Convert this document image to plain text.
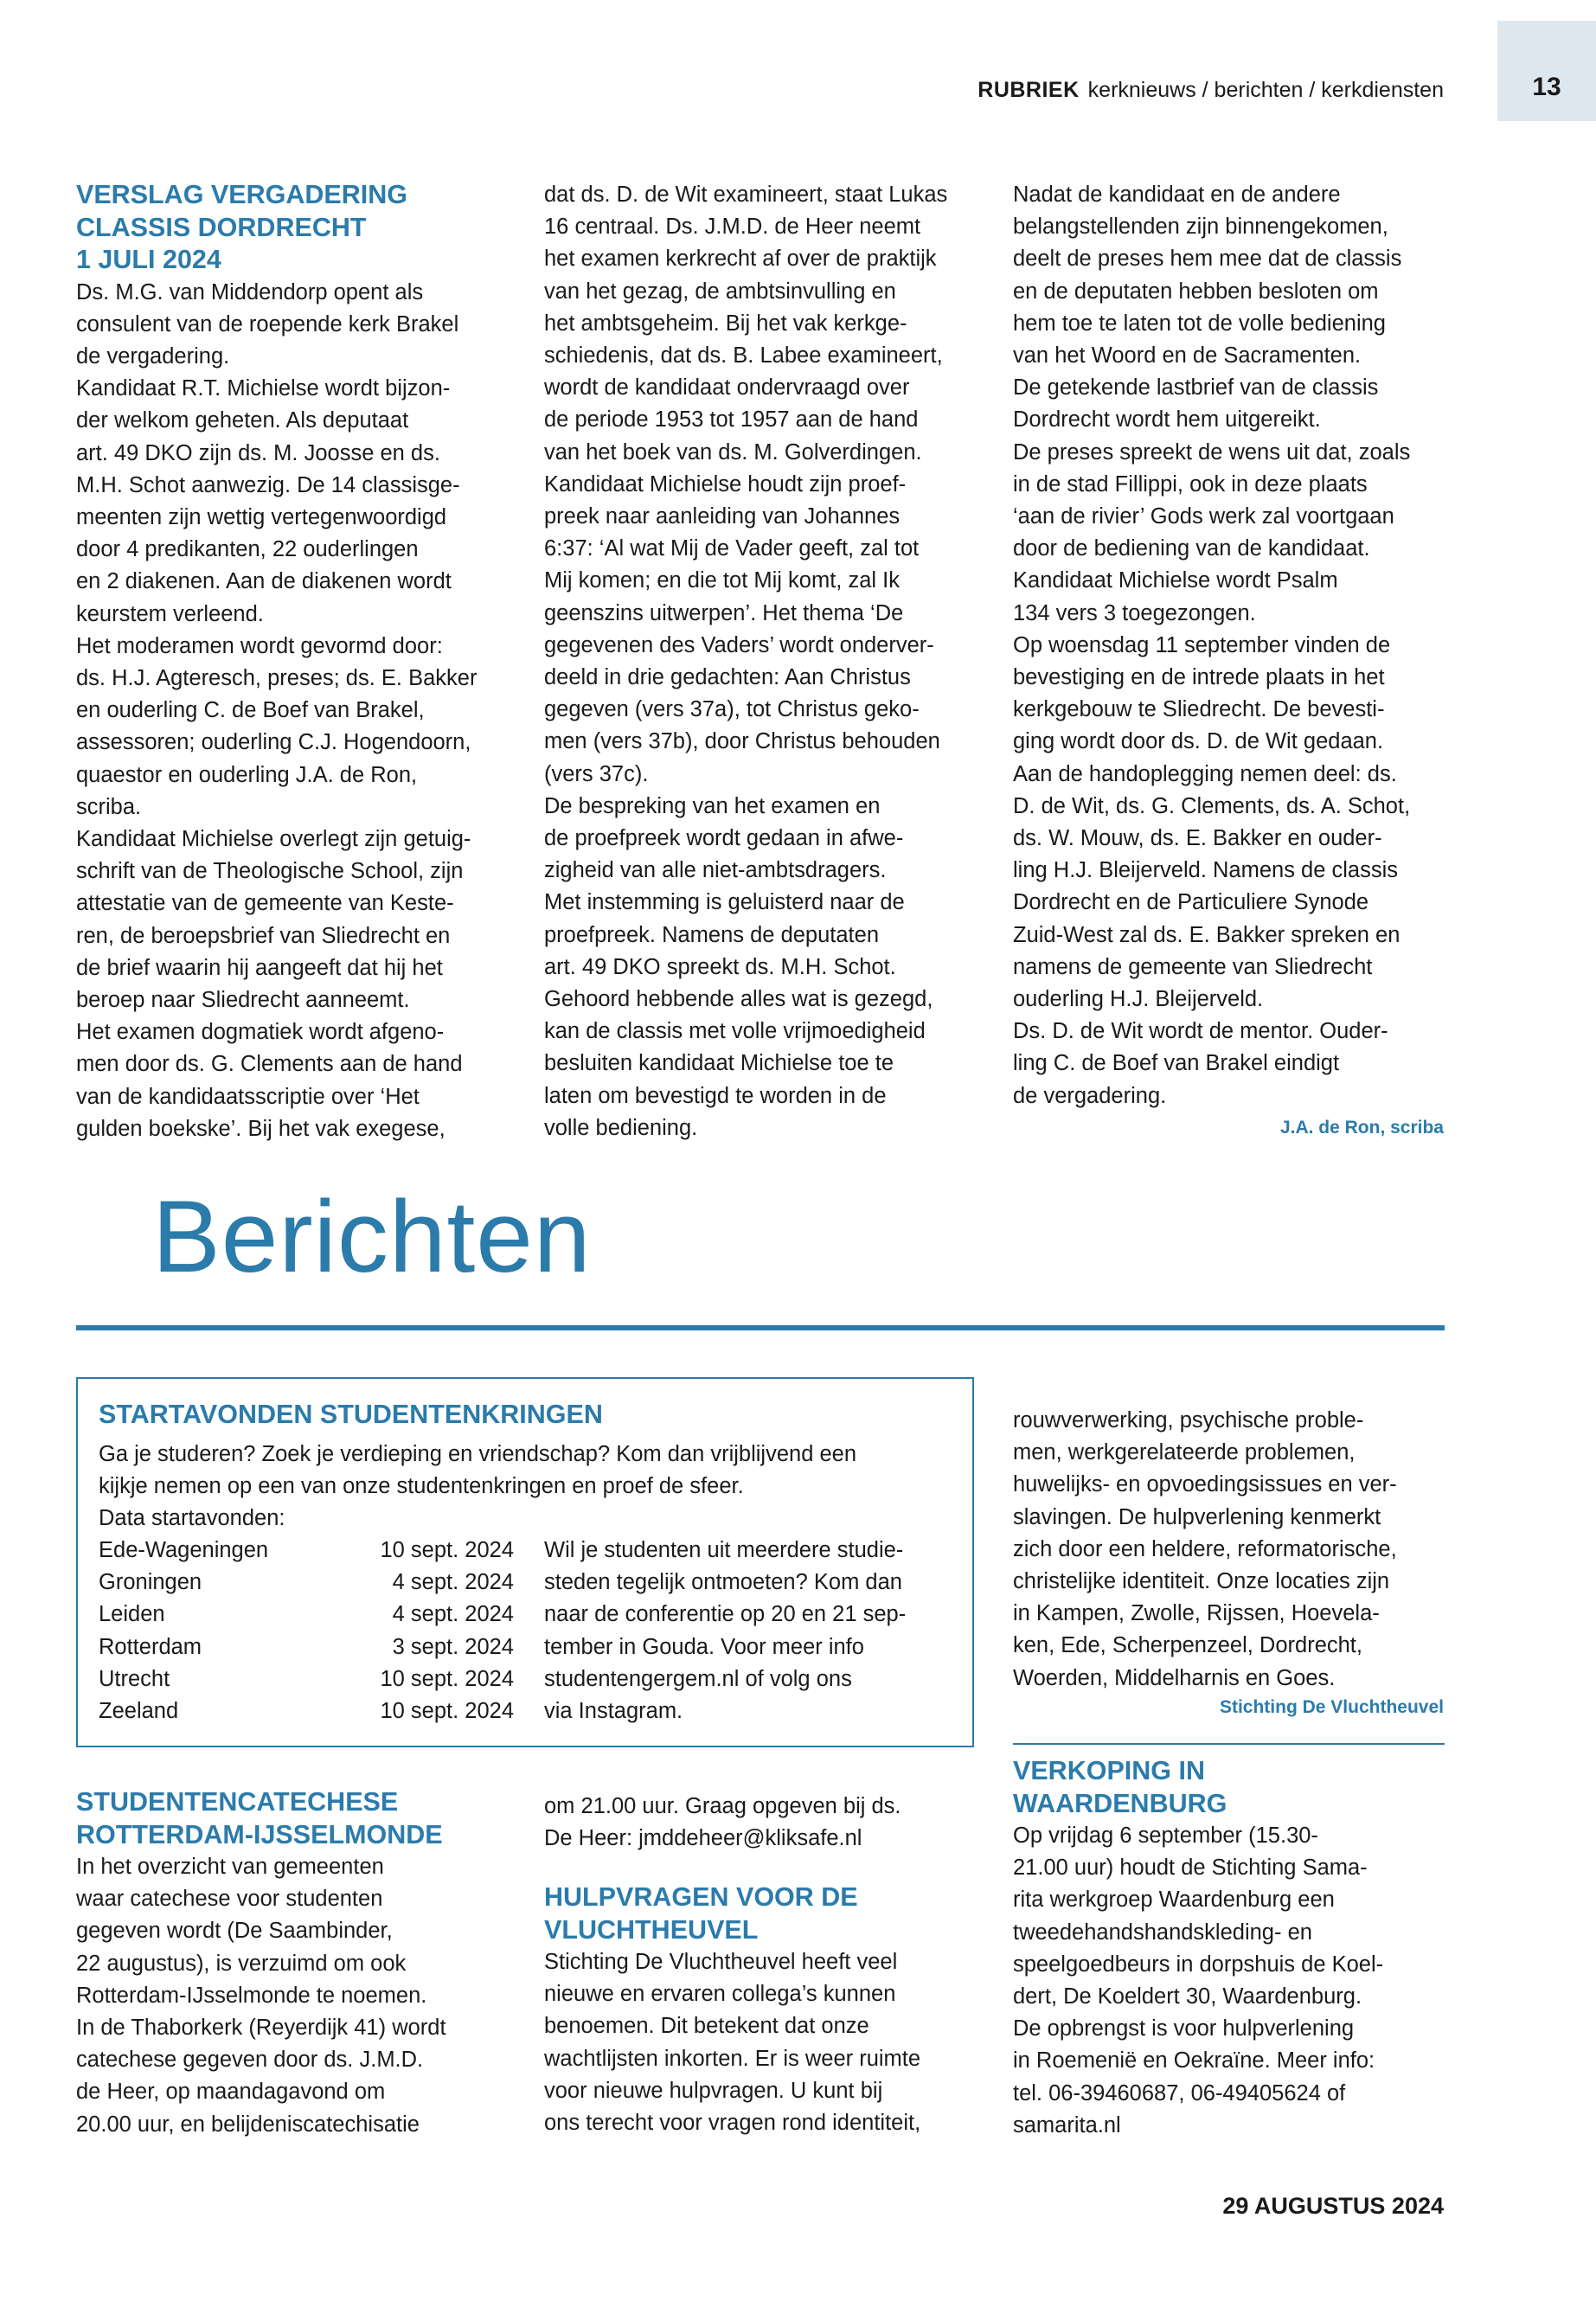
13
RUBRIEK kerknieuws / berichten / kerkdiensten

VERSLAG VERGADERING

CLASSIS DORDRECHT

1 JULI 2024

Ds. M.G. van Middendorp opent als

consulent van de roepende kerk Brakel

de vergadering.

Kandidaat R.T. Michielse wordt bijzon-

der welkom geheten. Als deputaat

art. 49 DKO zijn ds. M. Joosse en ds.

M.H. Schot aanwezig. De 14 classisge-

meenten zijn wettig vertegenwoordigd

door 4 predikanten, 22 ouderlingen

en 2 diakenen. Aan de diakenen wordt

keurstem verleend.

Het moderamen wordt gevormd door:

ds. H.J. Agteresch, preses; ds. E. Bakker

en ouderling C. de Boef van Brakel,

assessoren; ouderling C.J. Hogendoorn,

quaestor en ouderling J.A. de Ron,

scriba.

Kandidaat Michielse overlegt zijn getuig-

schrift van de Theologische School, zijn

attestatie van de gemeente van Keste-

ren, de beroepsbrief van Sliedrecht en

de brief waarin hij aangeeft dat hij het

beroep naar Sliedrecht aanneemt.

Het examen dogmatiek wordt afgeno-

men door ds. G. Clements aan de hand

van de kandidaatsscriptie over ‘Het

gulden boekske’. Bij het vak exegese,

dat ds. D. de Wit examineert, staat Lukas

16 centraal. Ds. J.M.D. de Heer neemt

het examen kerkrecht af over de praktijk

van het gezag, de ambtsinvulling en

het ambtsgeheim. Bij het vak kerkge-

schiedenis, dat ds. B. Labee examineert,

wordt de kandidaat ondervraagd over

de periode 1953 tot 1957 aan de hand

van het boek van ds. M. Golverdingen.

Kandidaat Michielse houdt zijn proef-

preek naar aanleiding van Johannes

6:37: ‘Al wat Mij de Vader geeft, zal tot

Mij komen; en die tot Mij komt, zal Ik

geenszins uitwerpen’. Het thema ‘De

gegevenen des Vaders’ wordt onderver-

deeld in drie gedachten: Aan Christus

gegeven (vers 37a), tot Christus geko-

men (vers 37b), door Christus behouden

(vers 37c).

De bespreking van het examen en

de proefpreek wordt gedaan in afwe-

zigheid van alle niet-ambtsdragers.

Met instemming is geluisterd naar de

proefpreek. Namens de deputaten

art. 49 DKO spreekt ds. M.H. Schot.

Gehoord hebbende alles wat is gezegd,

kan de classis met volle vrijmoedigheid

besluiten kandidaat Michielse toe te

laten om bevestigd te worden in de

volle bediening.

Nadat de kandidaat en de andere

belangstellenden zijn binnengekomen,

deelt de preses hem mee dat de classis

en de deputaten hebben besloten om

hem toe te laten tot de volle bediening

van het Woord en de Sacramenten.

De getekende lastbrief van de classis

Dordrecht wordt hem uitgereikt.

De preses spreekt de wens uit dat, zoals

in de stad Fillippi, ook in deze plaats

‘aan de rivier’ Gods werk zal voortgaan

door de bediening van de kandidaat.

Kandidaat Michielse wordt Psalm

134 vers 3 toegezongen.

Op woensdag 11 september vinden de

bevestiging en de intrede plaats in het

kerkgebouw te Sliedrecht. De bevesti-

ging wordt door ds. D. de Wit gedaan.

Aan de handoplegging nemen deel: ds.

D. de Wit, ds. G. Clements, ds. A. Schot,

ds. W. Mouw, ds. E. Bakker en ouder-

ling H.J. Bleijerveld. Namens de classis

Dordrecht en de Particuliere Synode

Zuid-West zal ds. E. Bakker spreken en

namens de gemeente van Sliedrecht

ouderling H.J. Bleijerveld.

Ds. D. de Wit wordt de mentor. Ouder-

ling C. de Boef van Brakel eindigt

de vergadering.

J.A. de Ron, scriba
Berichten
STARTAVONDEN STUDENTENKRINGEN

Ga je studeren? Zoek je verdieping en vriendschap? Kom dan vrijblijvend een

kijkje nemen op een van onze studentenkringen en proef de sfeer.

Data startavonden:

Ede-Wageningen	10 sept. 2024
Groningen	4 sept. 2024
Leiden	4 sept. 2024
Rotterdam	3 sept. 2024
Utrecht	10 sept. 2024
Zeeland	10 sept. 2024

Wil je studenten uit meerdere studie-

steden tegelijk ontmoeten? Kom dan

naar de conferentie op 20 en 21 sep-

tember in Gouda. Voor meer info

studentengergem.nl of volg ons

via Instagram.

rouwverwerking, psychische proble-

men, werkgerelateerde problemen,

huwelijks- en opvoedingsissues en ver-

slavingen. De hulpverlening kenmerkt

zich door een heldere, reformatorische,

christelijke identiteit. Onze locaties zijn

in Kampen, Zwolle, Rijssen, Hoevela-

ken, Ede, Scherpenzeel, Dordrecht,

Woerden, Middelharnis en Goes.

Stichting De Vluchtheuvel

STUDENTENCATECHESE

ROTTERDAM-IJSSELMONDE

In het overzicht van gemeenten

waar catechese voor studenten

gegeven wordt (De Saambinder,

22 augustus), is verzuimd om ook

Rotterdam-IJsselmonde te noemen.

In de Thaborkerk (Reyerdijk 41) wordt

catechese gegeven door ds. J.M.D.

de Heer, op maandagavond om

20.00 uur, en belijdeniscatechisatie

om 21.00 uur. Graag opgeven bij ds.

De Heer: jmddeheer@kliksafe.nl

HULPVRAGEN VOOR DE

VLUCHTHEUVEL

Stichting De Vluchtheuvel heeft veel

nieuwe en ervaren collega’s kunnen

benoemen. Dit betekent dat onze

wachtlijsten inkorten. Er is weer ruimte

voor nieuwe hulpvragen. U kunt bij

ons terecht voor vragen rond identiteit,

VERKOPING IN

WAARDENBURG

Op vrijdag 6 september (15.30-

21.00 uur) houdt de Stichting Sama-

rita werkgroep Waardenburg een

tweedehandshandskleding- en

speelgoedbeurs in dorpshuis de Koel-

dert, De Koeldert 30, Waardenburg.

De opbrengst is voor hulpverlening

in Roemenië en Oekraïne. Meer info:

tel. 06-39460687, 06-49405624 of

samarita.nl

29 AUGUSTUS 2024
